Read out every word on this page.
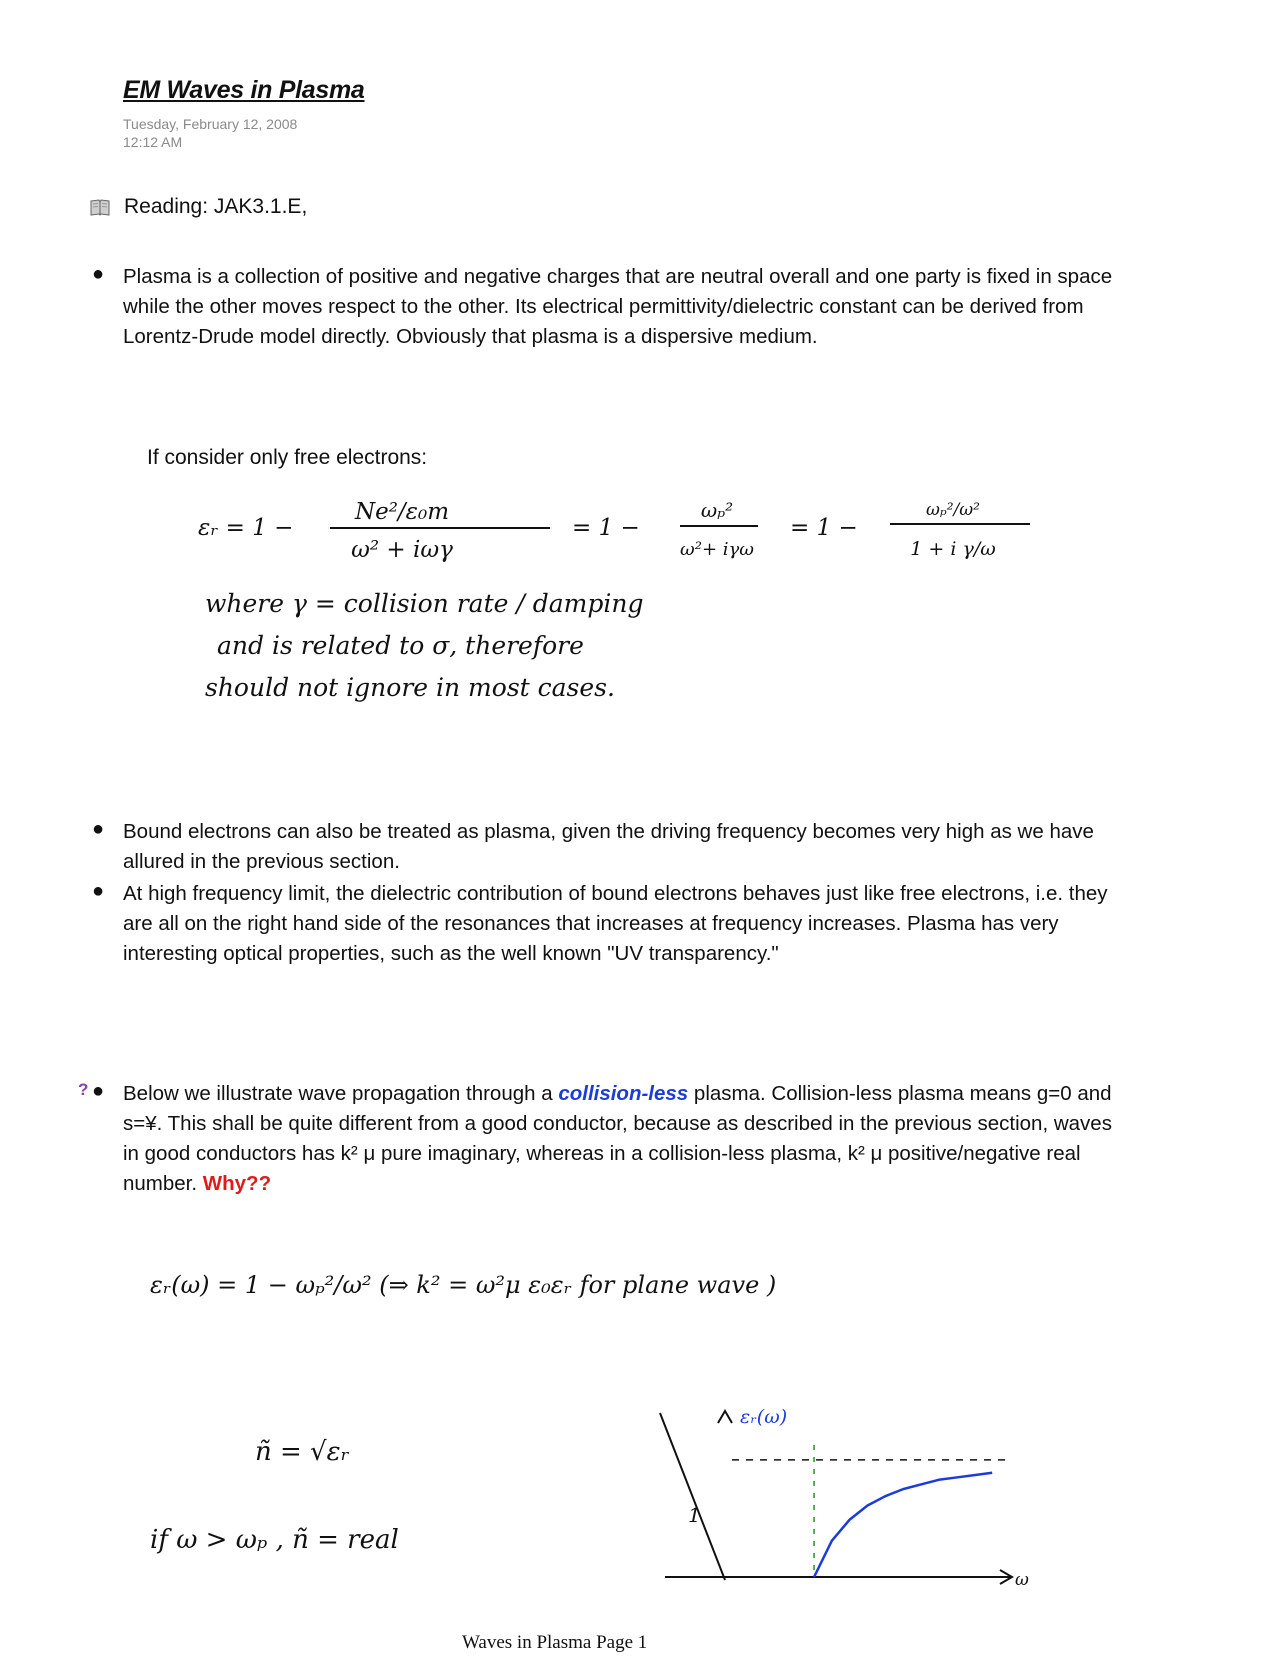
EM Waves in Plasma
Tuesday, February 12, 2008
12:12 AM
Reading: JAK3.1.E,
● Plasma is a collection of positive and negative charges that are neutral overall and one party is fixed in space while the other moves respect to the other. Its electrical permittivity/dielectric constant can be derived from Lorentz-Drude model directly. Obviously that plasma is a dispersive medium.

If consider only free electrons:
εᵣ = 1 −
Ne²/ε₀m
ω² + iωγ
= 1 −
ωₚ²
ω²+ iγω
= 1 −
ωₚ²/ω²
1 + i γ/ω
where γ = collision rate / damping
and is related to σ, therefore
should not ignore in most cases.
● Bound electrons can also be treated as plasma, given the driving frequency becomes very high as we have allured in the previous section.

● At high frequency limit, the dielectric contribution of bound electrons behaves just like free electrons, i.e. they are all on the right hand side of the resonances that increases at frequency increases. Plasma has very interesting optical properties, such as the well known "UV transparency."

? ● Below we illustrate wave propagation through a collision-less plasma. Collision-less plasma means g=0 and s=¥. This shall be quite different from a good conductor, because as described in the previous section, waves in good conductors has k² μ pure imaginary, whereas in a collision-less plasma, k² μ positive/negative real number. Why??

εᵣ(ω) = 1 − ωₚ²/ω² (⇒ k² = ω²μ ε₀εᵣ for plane wave )
ñ = √εᵣ
if ω > ωₚ , ñ = real
εᵣ(ω)
ω
1
Waves in Plasma Page 1
